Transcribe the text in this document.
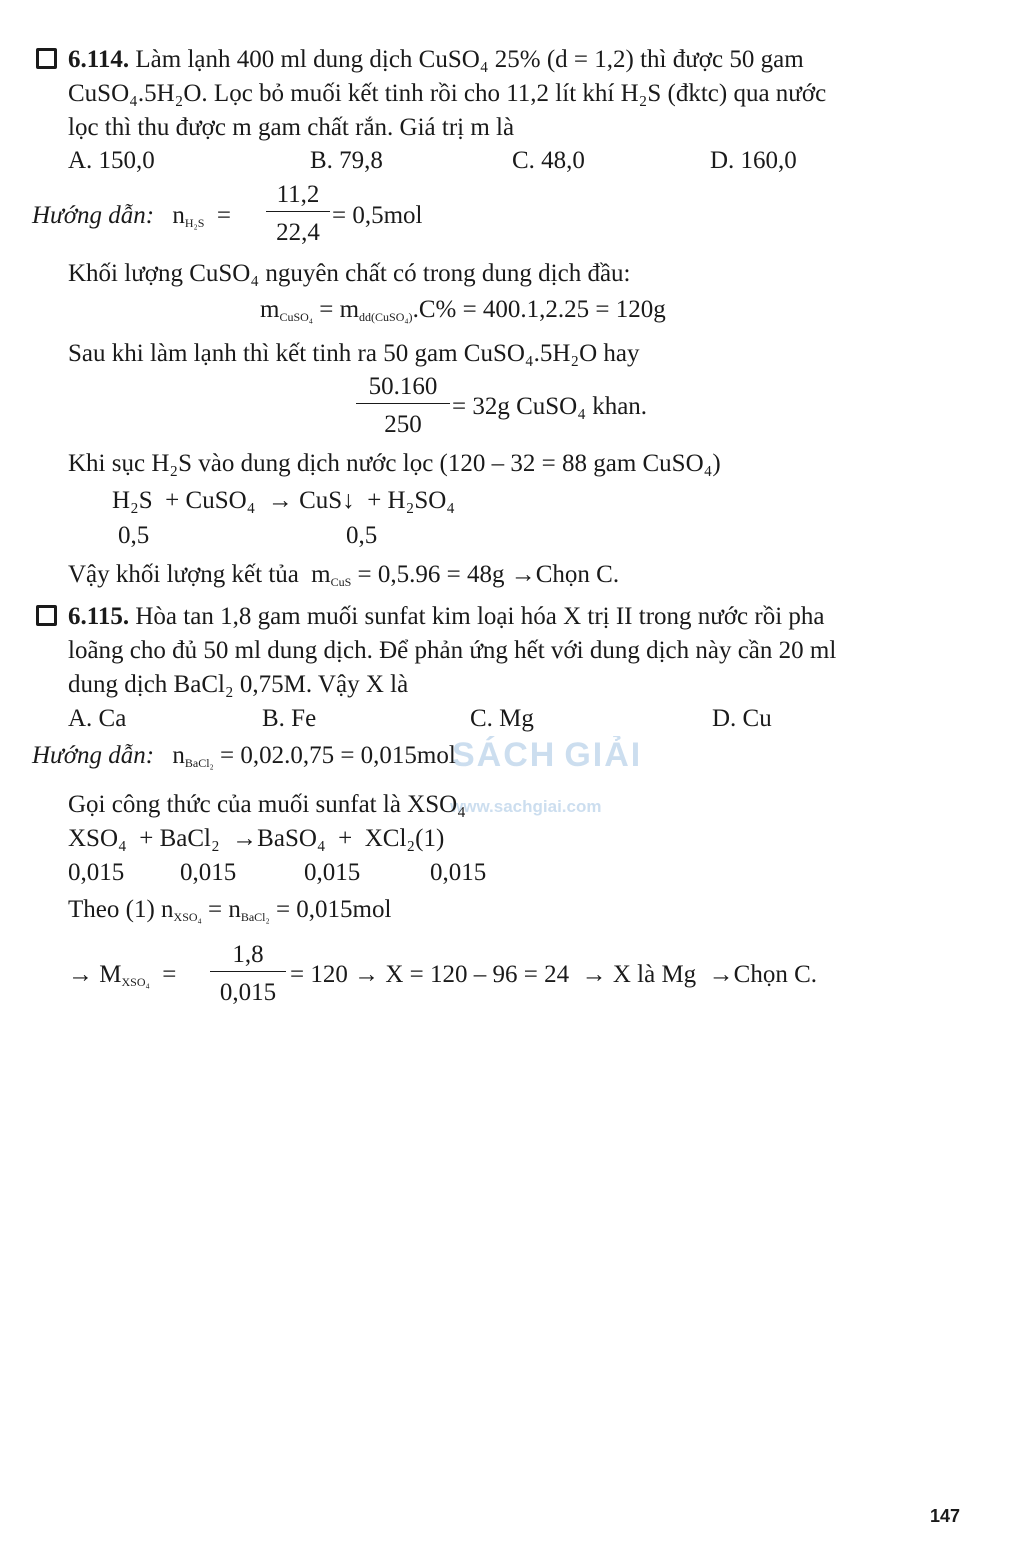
6.114. Làm lạnh 400 ml dung dịch CuSO₄ 25% (d = 1,2) thì được 50 gam
CuSO₄.5H₂O. Lọc bỏ muối kết tinh rồi cho 11,2 lít khí H₂S (đktc) qua nước
lọc thì thu được m gam chất rắn. Giá trị m là
A. 150,0	B. 79,8	C. 48,0	D. 160,0
Hướng dẫn: $nH_2S = \frac{11,2}{22,4} = 0,5mol$
Khối lượng CuSO₄ nguyên chất có trong dung dịch đầu:
mCuSO₄ = mdd(CuSO₄).C% = 400.1,2.25 = 120g
Sau khi làm lạnh thì kết tinh ra 50 gam CuSO₄.5H₂O hay
$\frac{50.160}{250} = 32g$ CuSO₄ khan.
Khi sục H₂S vào dung dịch nước lọc (120 – 32 = 88 gam CuSO₄)
H₂S  + CuSO₄  → CuS↓  + H₂SO₄
0,5	0,5
Vậy khối lượng kết tủa mCuS = 0,5.96 = 48g →Chọn C.
6.115. Hòa tan 1,8 gam muối sunfat kim loại hóa X trị II trong nước rồi pha
loãng cho đủ 50 ml dung dịch. Để phản ứng hết với dung dịch này cần 20 ml
dung dịch BaCl₂ 0,75M. Vậy X là
A. Ca	B. Fe	C. Mg	D. Cu
SÁCH GIẢI
www.sachgiai.com
Hướng dẫn: nBaCl₂ = 0,02.0,75 = 0,015mol
Gọi công thức của muối sunfat là XSO₄
XSO₄  + BaCl₂  →BaSO₄  +  XCl₂(1)
0,015 0,015	0,015	0,015
Theo (1) nXSO₄ = nBaCl₂ = 0,015mol
→ MXSO₄  = $\frac{1,8}{0,015} = 120 \to X = 120 - 96 = 24 \to X$ là Mg  →Chọn C.
147
